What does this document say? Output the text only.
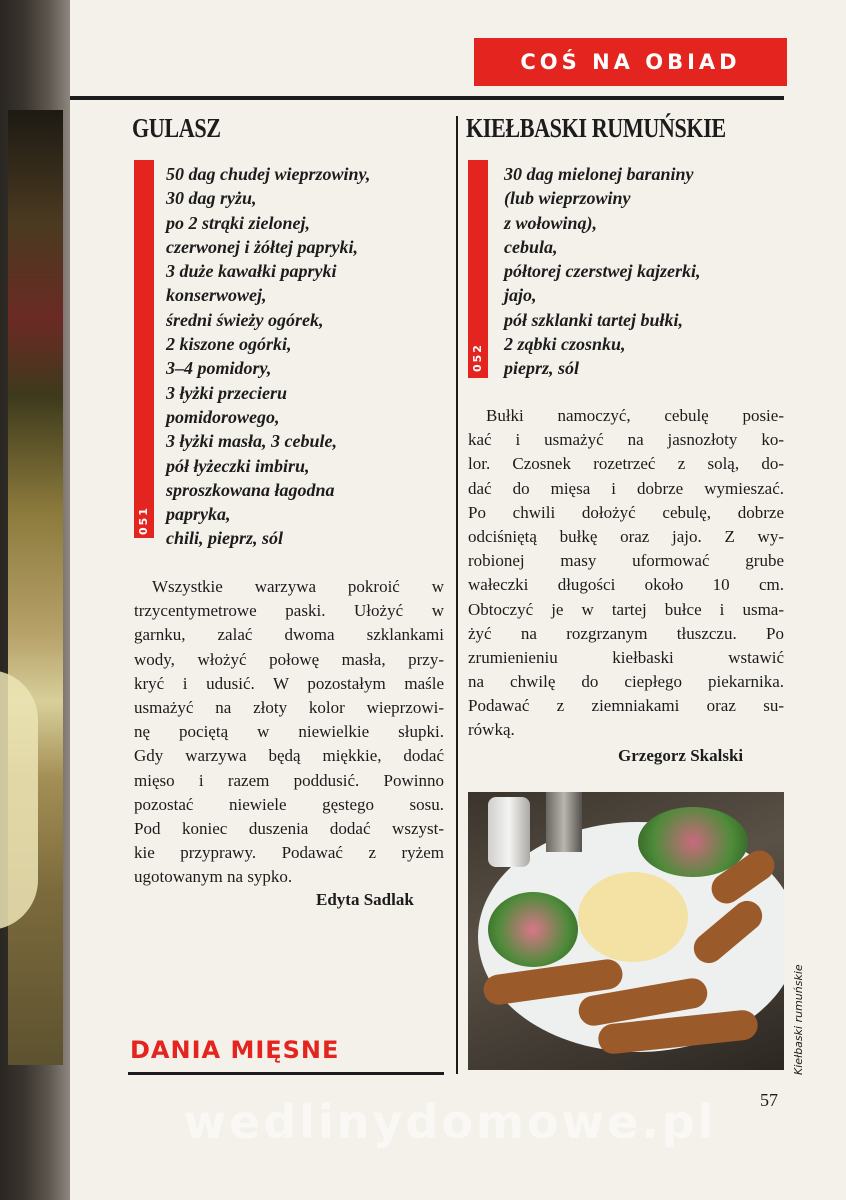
COŚ NA OBIAD
GULASZ
051
50 dag chudej wieprzowiny,
30 dag ryżu,
po 2 strąki zielonej,
czerwonej i żółtej papryki,
3 duże kawałki papryki
konserwowej,
średni świeży ogórek,
2 kiszone ogórki,
3–4 pomidory,
3 łyżki przecieru
pomidorowego,
3 łyżki masła, 3 cebule,
pół łyżeczki imbiru,
sproszkowana łagodna
papryka,
chili, pieprz, sól
Wszystkie warzywa pokroić w
trzycentymetrowe paski. Ułożyć w
garnku, zalać dwoma szklankami
wody, włożyć połowę masła, przy-
kryć i udusić. W pozostałym maśle
usmażyć na złoty kolor wieprzowi-
nę pociętą w niewielkie słupki.
Gdy warzywa będą miękkie, dodać
mięso i razem poddusić. Powinno
pozostać niewiele gęstego sosu.
Pod koniec duszenia dodać wszyst-
kie przyprawy. Podawać z ryżem
ugotowanym na sypko.
Edyta Sadlak
KIEŁBASKI RUMUŃSKIE
052
30 dag mielonej baraniny
(lub wieprzowiny
z wołowiną),
cebula,
półtorej czerstwej kajzerki,
jajo,
pół szklanki tartej bułki,
2 ząbki czosnku,
pieprz, sól
Bułki namoczyć, cebulę posie-
kać i usmażyć na jasnozłoty ko-
lor. Czosnek rozetrzeć z solą, do-
dać do mięsa i dobrze wymieszać.
Po chwili dołożyć cebulę, dobrze
odciśniętą bułkę oraz jajo. Z wy-
robionej masy uformować grube
wałeczki długości około 10 cm.
Obtoczyć je w tartej bułce i usma-
żyć na rozgrzanym tłuszczu. Po
zrumienieniu kiełbaski wstawić
na chwilę do ciepłego piekarnika.
Podawać z ziemniakami oraz su-
rówką.
Grzegorz Skalski
Kiełbaski rumuńskie
DANIA MIĘSNE
57
wedlinydomowe.pl
